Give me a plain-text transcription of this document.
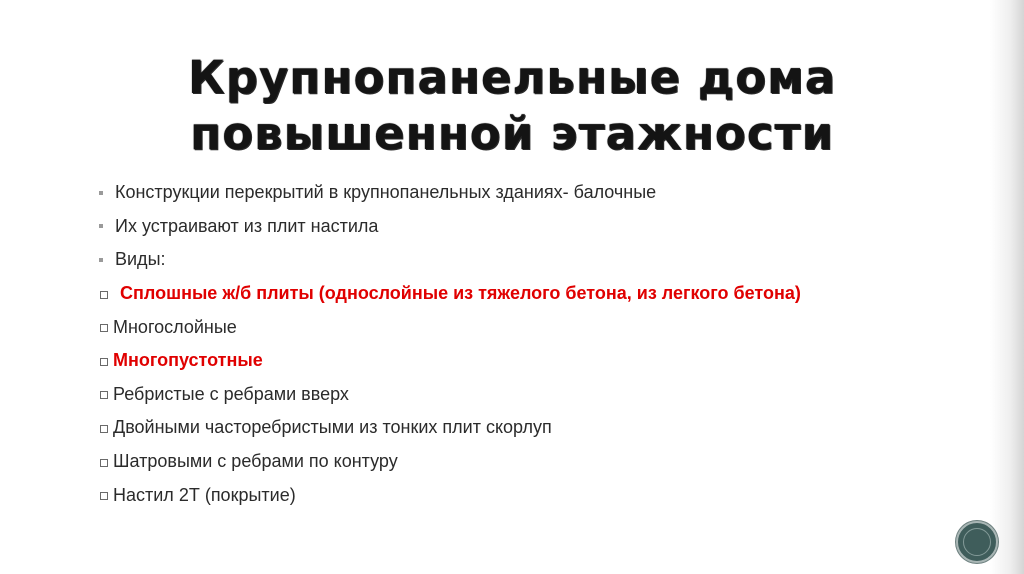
Крупнопанельные дома
повышенной этажности
Конструкции перекрытий в крупнопанельных зданиях- балочные
Их устраивают из плит настила
Виды:
Сплошные ж/б плиты (однослойные из тяжелого бетона, из легкого бетона)
Многослойные
Многопустотные
Ребристые с ребрами вверх
Двойными часторебристыми из тонких плит скорлуп
Шатровыми с ребрами по контуру
Настил 2Т (покрытие)
